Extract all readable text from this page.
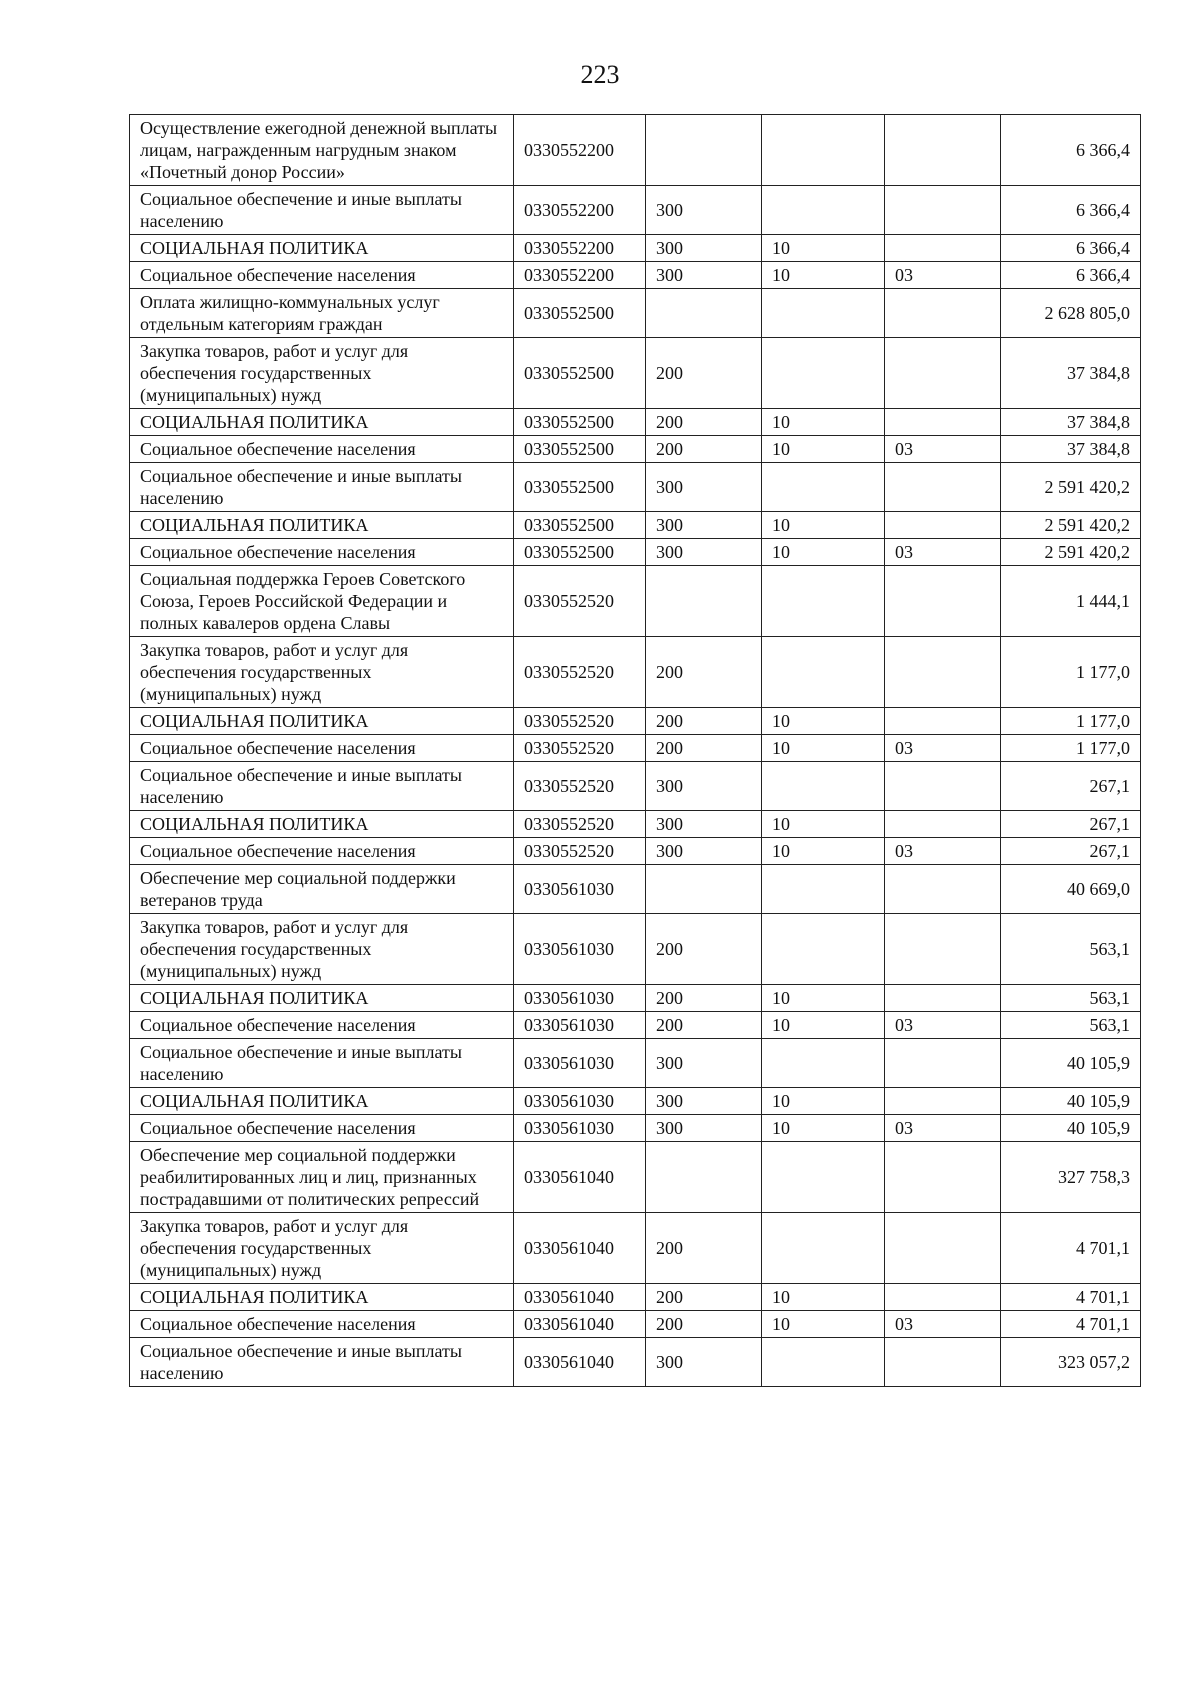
223
Осуществление ежегодной денежной выплаты лицам, награжденным нагрудным знаком «Почетный донор России»	0330552200				6 366,4
Социальное обеспечение и иные выплаты населению	0330552200	300			6 366,4
СОЦИАЛЬНАЯ ПОЛИТИКА	0330552200	300	10		6 366,4
Социальное обеспечение населения	0330552200	300	10	03	6 366,4
Оплата жилищно-коммунальных услуг отдельным категориям граждан	0330552500				2 628 805,0
Закупка товаров, работ и услуг для обеспечения государственных (муниципальных) нужд	0330552500	200			37 384,8
СОЦИАЛЬНАЯ ПОЛИТИКА	0330552500	200	10		37 384,8
Социальное обеспечение населения	0330552500	200	10	03	37 384,8
Социальное обеспечение и иные выплаты населению	0330552500	300			2 591 420,2
СОЦИАЛЬНАЯ ПОЛИТИКА	0330552500	300	10		2 591 420,2
Социальное обеспечение населения	0330552500	300	10	03	2 591 420,2
Социальная поддержка Героев Советского Союза, Героев Российской Федерации и полных кавалеров ордена Славы	0330552520				1 444,1
Закупка товаров, работ и услуг для обеспечения государственных (муниципальных) нужд	0330552520	200			1 177,0
СОЦИАЛЬНАЯ ПОЛИТИКА	0330552520	200	10		1 177,0
Социальное обеспечение населения	0330552520	200	10	03	1 177,0
Социальное обеспечение и иные выплаты населению	0330552520	300			267,1
СОЦИАЛЬНАЯ ПОЛИТИКА	0330552520	300	10		267,1
Социальное обеспечение населения	0330552520	300	10	03	267,1
Обеспечение мер социальной поддержки ветеранов труда	0330561030				40 669,0
Закупка товаров, работ и услуг для обеспечения государственных (муниципальных) нужд	0330561030	200			563,1
СОЦИАЛЬНАЯ ПОЛИТИКА	0330561030	200	10		563,1
Социальное обеспечение населения	0330561030	200	10	03	563,1
Социальное обеспечение и иные выплаты населению	0330561030	300			40 105,9
СОЦИАЛЬНАЯ ПОЛИТИКА	0330561030	300	10		40 105,9
Социальное обеспечение населения	0330561030	300	10	03	40 105,9
Обеспечение мер социальной поддержки реабилитированных лиц и лиц, признанных пострадавшими от политических репрессий	0330561040				327 758,3
Закупка товаров, работ и услуг для обеспечения государственных (муниципальных) нужд	0330561040	200			4 701,1
СОЦИАЛЬНАЯ ПОЛИТИКА	0330561040	200	10		4 701,1
Социальное обеспечение населения	0330561040	200	10	03	4 701,1
Социальное обеспечение и иные выплаты населению	0330561040	300			323 057,2
